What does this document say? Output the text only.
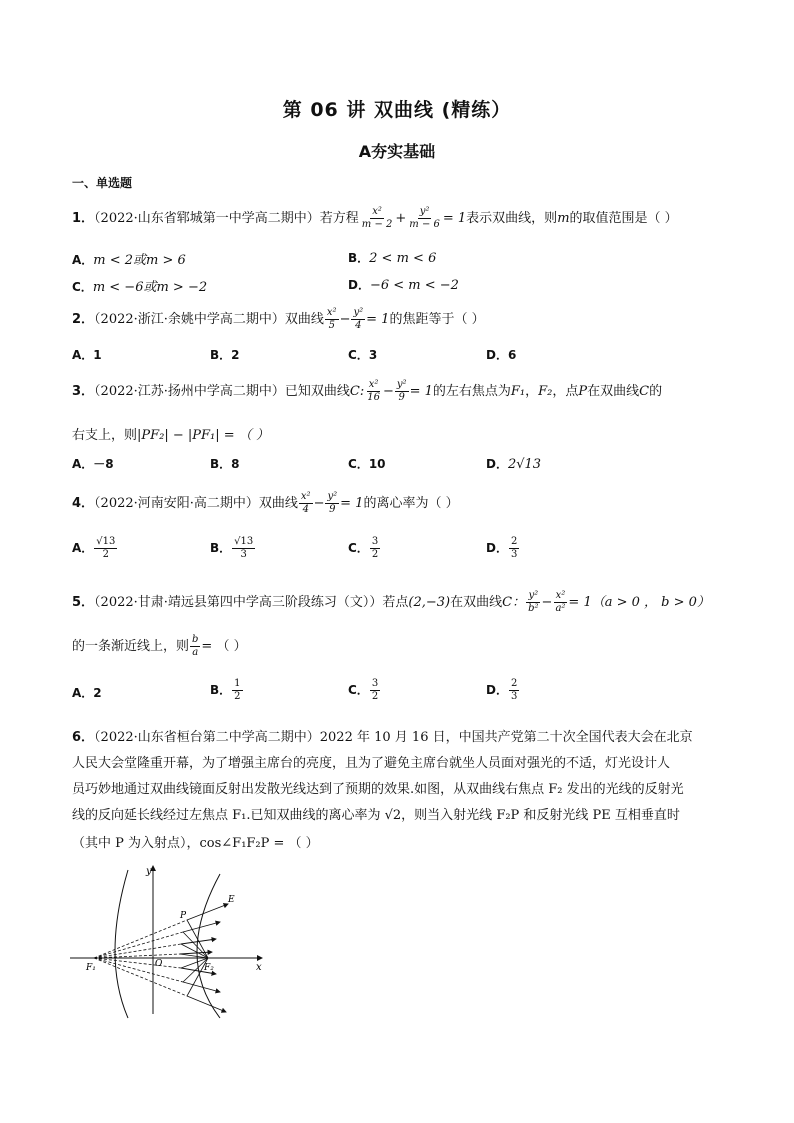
第 06 讲 双曲线 (精练）
A夯实基础
一、单选题
1．（2022·山东省郓城第一中学高二期中）若方程 $\frac{\text{x²}}{m - 2} + \frac{\text{y²}}{m - 6} = 1$表示双曲线，则m的取值范围是（ ）
A．m < 2或m > 6	B．2 < m < 6
C．m < −6或m > −2	D．−6 < m < −2
2．（2022·浙江·余姚中学高二期中）双曲线 $\frac{\text{x²}}{5} - \frac{\text{y²}}{4} = 1$的焦距等于（ ）
A．1	B．2	C．3	D．6
3．（2022·江苏·扬州中学高二期中）已知双曲线C: $\frac{\text{x²}}{16} - \frac{\text{y²}}{9} = 1$的左右焦点为F₁，F₂，点P在双曲线C的
右支上，则|PF₂| − |PF₁| = （ ）
A．－8	B．8	C．10	D．2√13
4．（2022·河南安阳·高二期中）双曲线 $\frac{\text{x²}}{4} - \frac{\text{y²}}{9} = 1$的离心率为（ ）
A． $\frac{√13}{2}$	B． $\frac{√13}{3}$	C． $\frac{3}{2}$	D． $\frac{2}{3}$
5．（2022·甘肃·靖远县第四中学高三阶段练习（文））若点(2,−3)在双曲线C： $\frac{\text{y²}}{\text{b²}} - \frac{\text{x²}}{\text{a²}} = 1(a > 0$ ， b > 0）
的一条渐近线上，则 $\frac{b}{a}$ = （ ）
A．2	B． $\frac{1}{2}$	C． $\frac{3}{2}$	D． $\frac{2}{3}$
6．（2022·山东省桓台第二中学高二期中）2022 年 10 月 16 日，中国共产党第二十次全国代表大会在北京
人民大会堂隆重开幕，为了增强主席台的亮度，且为了避免主席台就坐人员面对强光的不适，灯光设计人
员巧妙地通过双曲线镜面反射出发散光线达到了预期的效果.如图，从双曲线右焦点 F₂ 发出的光线的反射光
线的反向延长线经过左焦点 F₁.已知双曲线的离心率为 √2，则当入射光线 F₂P 和反射光线 PE 互相垂直时
（其中 P 为入射点），cos∠F₁F₂P = （ ）
y
x
O
F₁	F₂
P
E
